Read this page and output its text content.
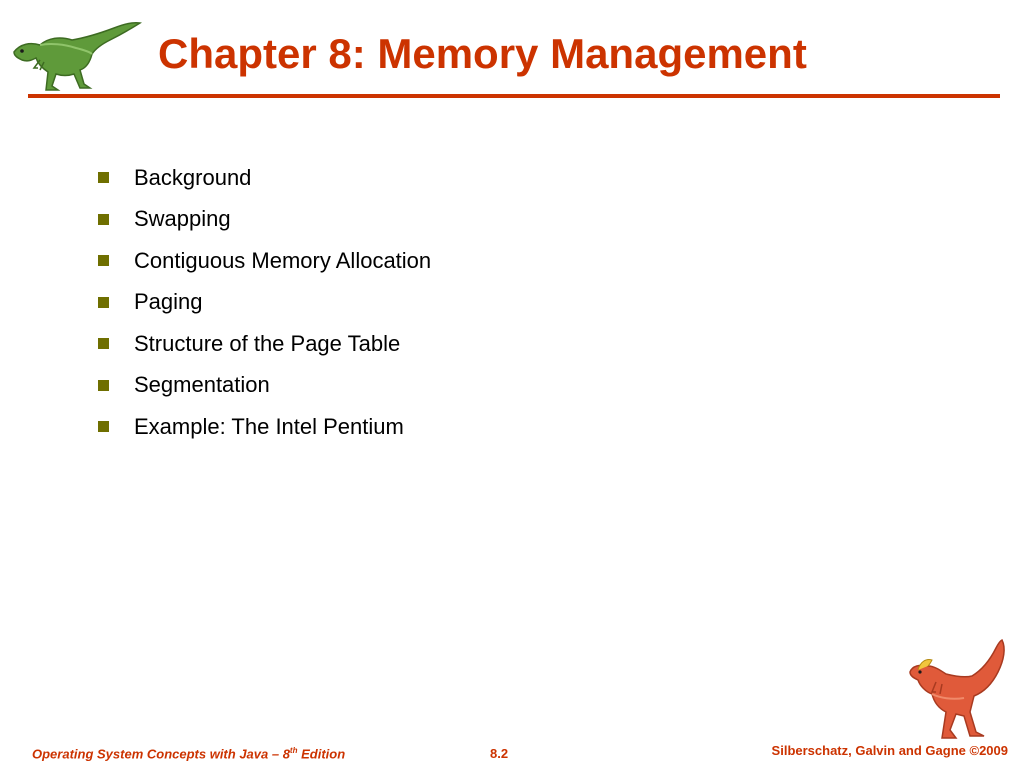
Chapter 8: Memory Management
Background
Swapping
Contiguous Memory Allocation
Paging
Structure of the Page Table
Segmentation
Example: The Intel Pentium
Operating System Concepts with Java – 8th Edition	8.2	Silberschatz, Galvin and Gagne ©2009
